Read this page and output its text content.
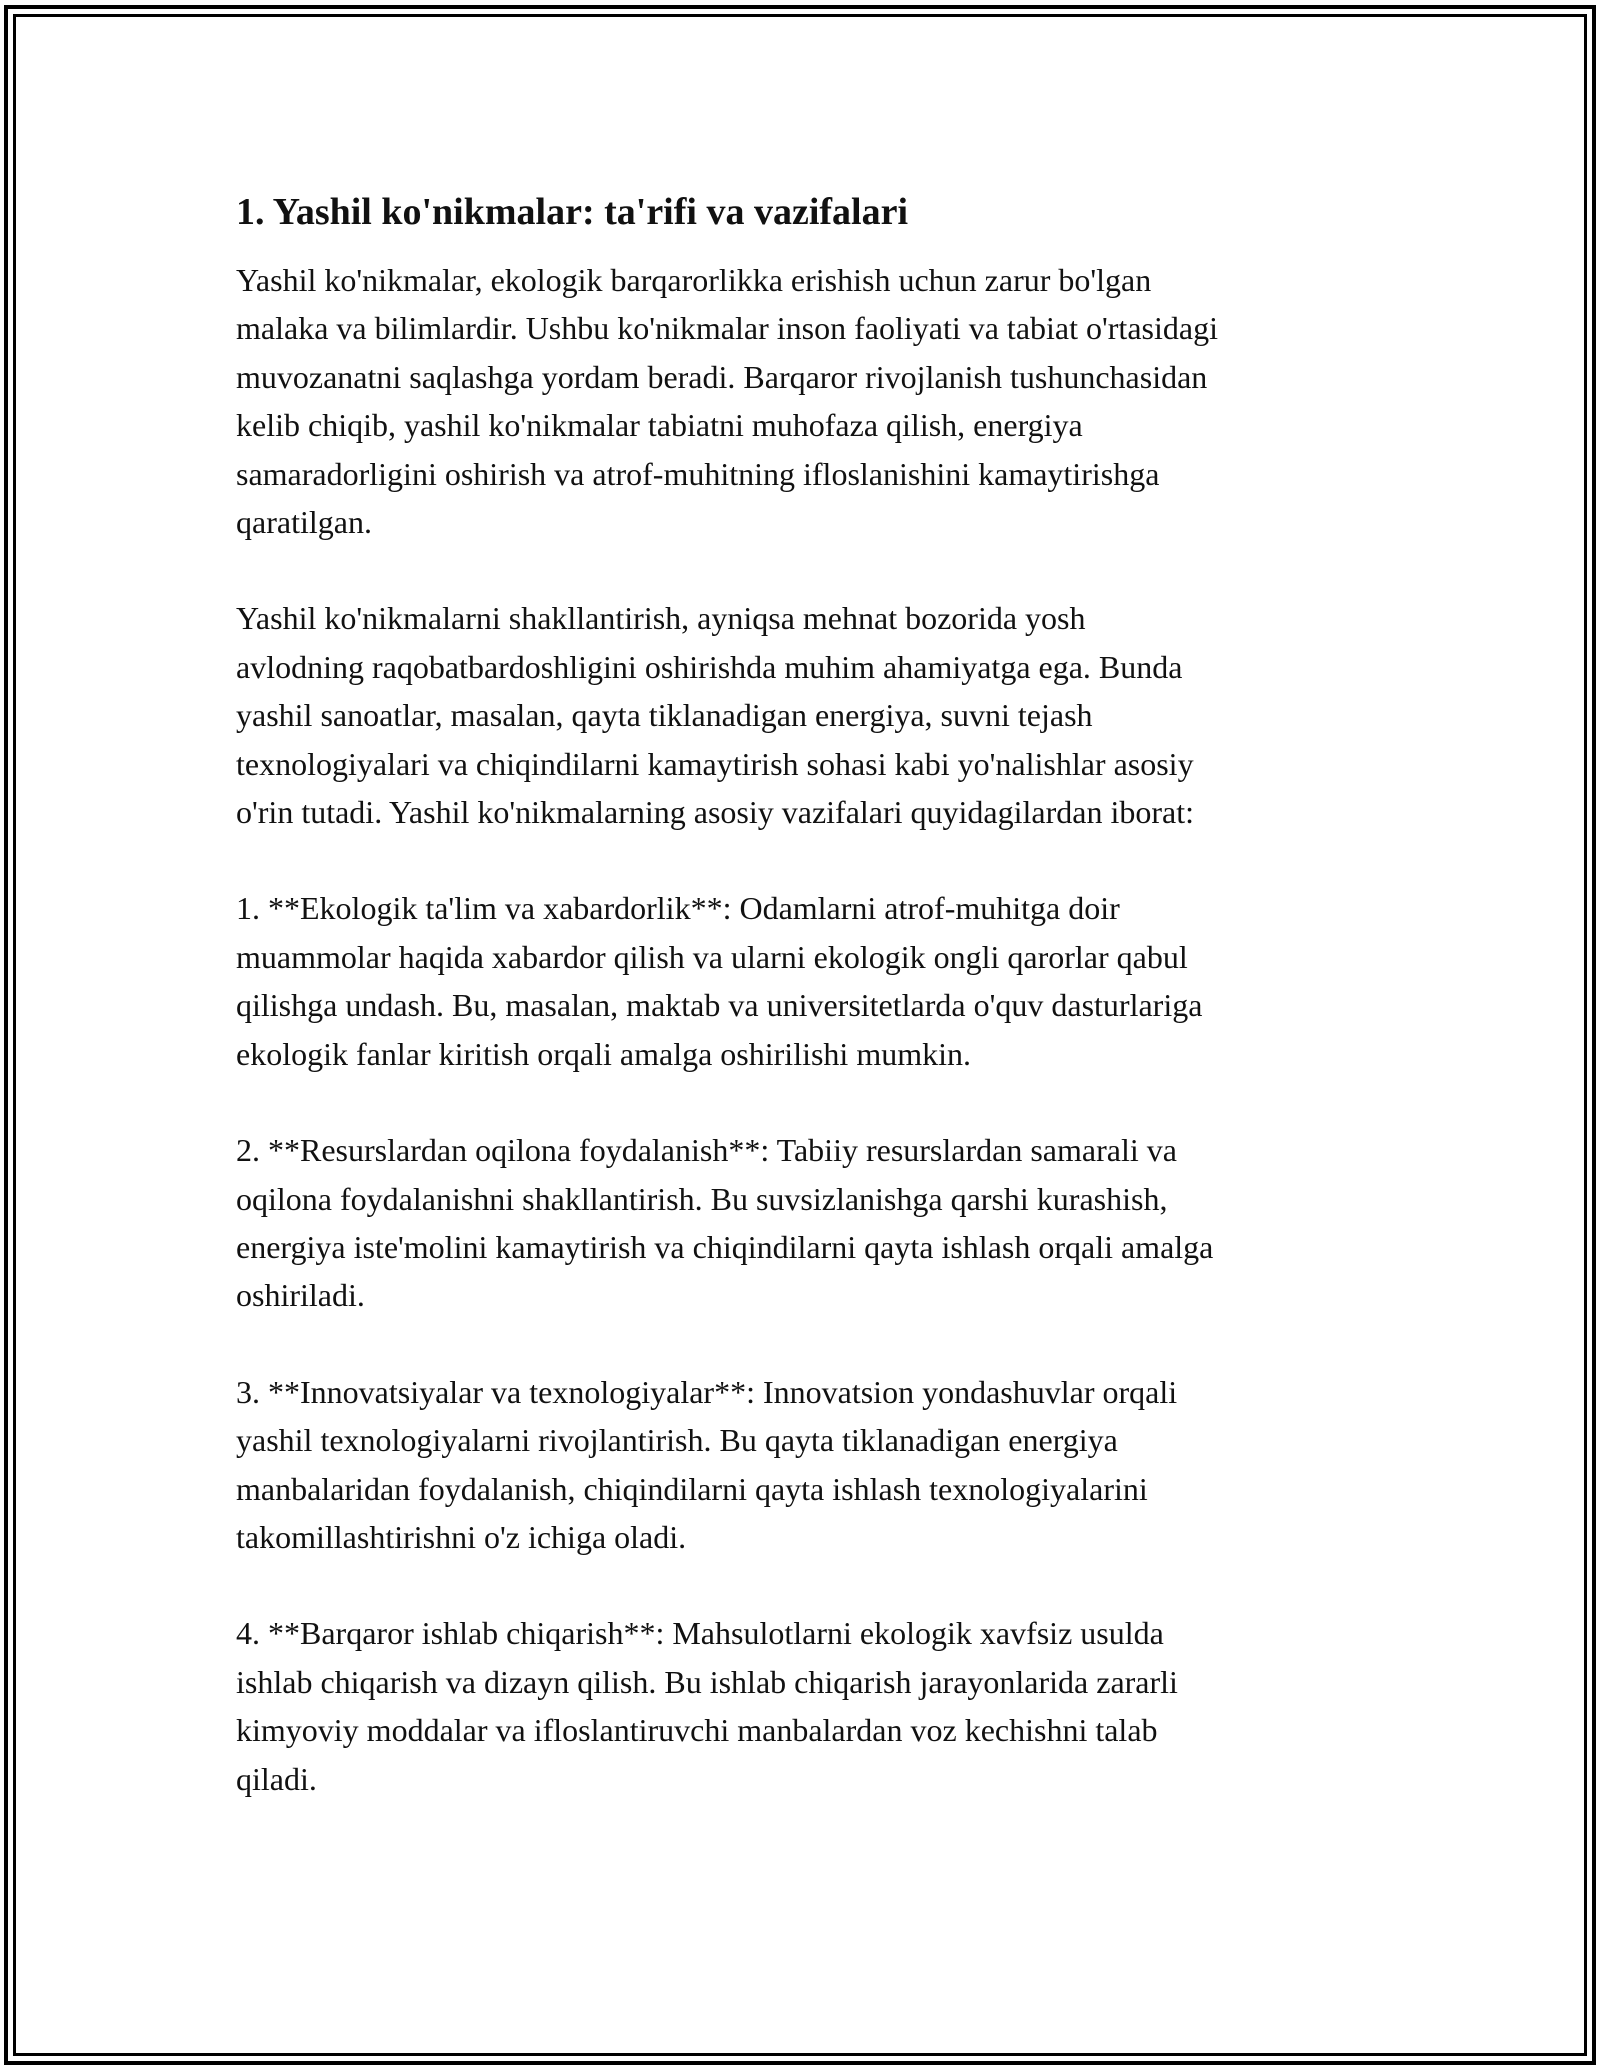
1. Yashil ko'nikmalar: ta'rifi va vazifalari

Yashil ko'nikmalar, ekologik barqarorlikka erishish uchun zarur bo'lgan
malaka va bilimlardir. Ushbu ko'nikmalar inson faoliyati va tabiat o'rtasidagi
muvozanatni saqlashga yordam beradi. Barqaror rivojlanish tushunchasidan
kelib chiqib, yashil ko'nikmalar tabiatni muhofaza qilish, energiya
samaradorligini oshirish va atrof-muhitning ifloslanishini kamaytirishga
qaratilgan.

Yashil ko'nikmalarni shakllantirish, ayniqsa mehnat bozorida yosh
avlodning raqobatbardoshligini oshirishda muhim ahamiyatga ega. Bunda
yashil sanoatlar, masalan, qayta tiklanadigan energiya, suvni tejash
texnologiyalari va chiqindilarni kamaytirish sohasi kabi yo'nalishlar asosiy
o'rin tutadi. Yashil ko'nikmalarning asosiy vazifalari quyidagilardan iborat:

1. **Ekologik ta'lim va xabardorlik**: Odamlarni atrof-muhitga doir
muammolar haqida xabardor qilish va ularni ekologik ongli qarorlar qabul
qilishga undash. Bu, masalan, maktab va universitetlarda o'quv dasturlariga
ekologik fanlar kiritish orqali amalga oshirilishi mumkin.

2. **Resurslardan oqilona foydalanish**: Tabiiy resurslardan samarali va
oqilona foydalanishni shakllantirish. Bu suvsizlanishga qarshi kurashish,
energiya iste'molini kamaytirish va chiqindilarni qayta ishlash orqali amalga
oshiriladi.

3. **Innovatsiyalar va texnologiyalar**: Innovatsion yondashuvlar orqali
yashil texnologiyalarni rivojlantirish. Bu qayta tiklanadigan energiya
manbalaridan foydalanish, chiqindilarni qayta ishlash texnologiyalarini
takomillashtirishni o'z ichiga oladi.

4. **Barqaror ishlab chiqarish**: Mahsulotlarni ekologik xavfsiz usulda
ishlab chiqarish va dizayn qilish. Bu ishlab chiqarish jarayonlarida zararli
kimyoviy moddalar va ifloslantiruvchi manbalardan voz kechishni talab
qiladi.
